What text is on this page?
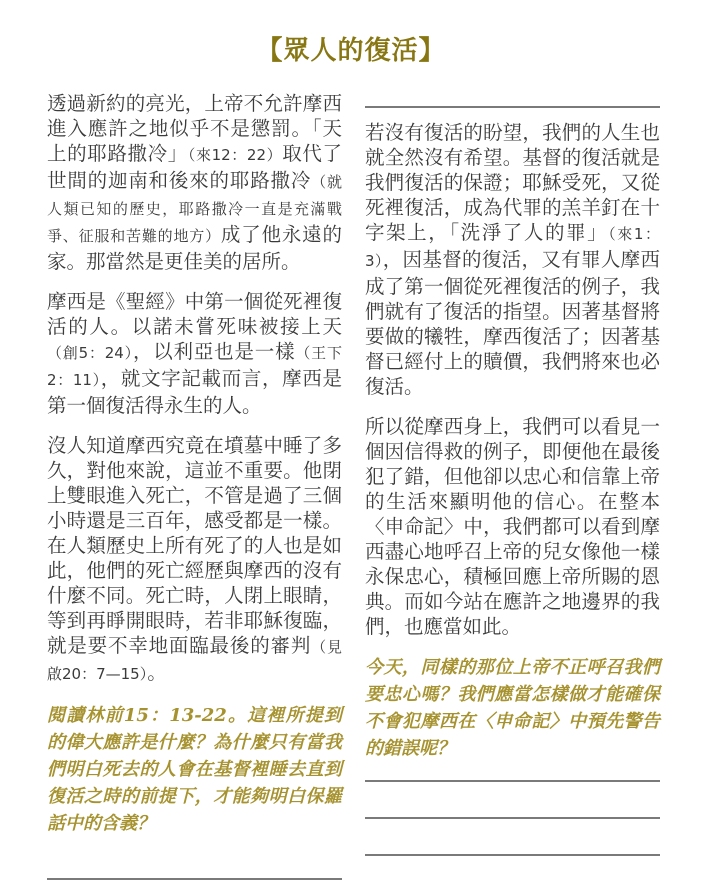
【眾人的復活】

透過新約的亮光，上帝不允許摩西進入應許之地似乎不是懲罰。「天上的耶路撒冷」（來12：22）取代了世間的迦南和後來的耶路撒冷（就人類已知的歷史，耶路撒冷一直是充滿戰爭、征服和苦難的地方）成了他永遠的家。那當然是更佳美的居所。

摩西是《聖經》中第一個從死裡復活的人。以諾未嘗死味被接上天（創5：24），以利亞也是一樣（王下2：11），就文字記載而言，摩西是第一個復活得永生的人。

沒人知道摩西究竟在墳墓中睡了多久，對他來說，這並不重要。他閉上雙眼進入死亡，不管是過了三個小時還是三百年，感受都是一樣。在人類歷史上所有死了的人也是如此，他們的死亡經歷與摩西的沒有什麼不同。死亡時，人閉上眼睛，等到再睜開眼時，若非耶穌復臨，就是要不幸地面臨最後的審判（見啟20：7—15）。

閱讀林前15：13-22。這裡所提到的偉大應許是什麼？為什麼只有當我們明白死去的人會在基督裡睡去直到復活之時的前提下，才能夠明白保羅話中的含義？

若沒有復活的盼望，我們的人生也就全然沒有希望。基督的復活就是我們復活的保證；耶穌受死，又從死裡復活，成為代罪的羔羊釘在十字架上，「洗淨了人的罪」（來1：3），因基督的復活，又有罪人摩西成了第一個從死裡復活的例子，我們就有了復活的指望。因著基督將要做的犧牲，摩西復活了；因著基督已經付上的贖價，我們將來也必復活。

所以從摩西身上，我們可以看見一個因信得救的例子，即便他在最後犯了錯，但他卻以忠心和信靠上帝的生活來顯明他的信心。在整本〈申命記〉中，我們都可以看到摩西盡心地呼召上帝的兒女像他一樣永保忠心，積極回應上帝所賜的恩典。而如今站在應許之地邊界的我們，也應當如此。

今天，同樣的那位上帝不正呼召我們要忠心嗎？我們應當怎樣做才能確保不會犯摩西在〈申命記〉中預先警告的錯誤呢？
